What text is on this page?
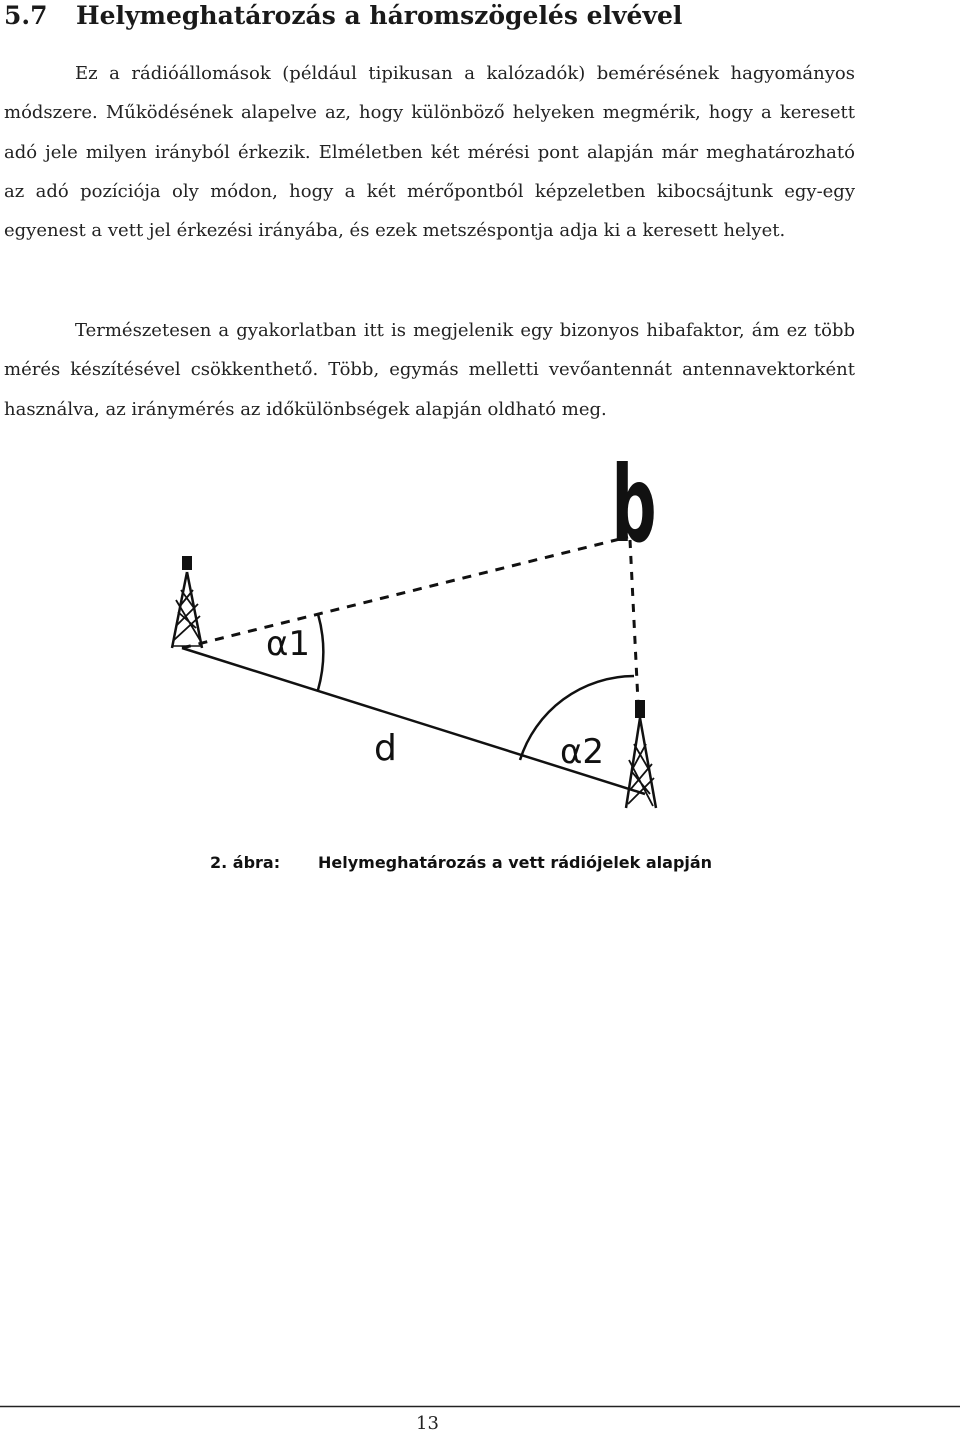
5.7 Helymeghatározás a háromszögelés elvével

Ez a rádióállomások (például tipikusan a kalózadók) bemérésének hagyományos módszere. Működésének alapelve az, hogy különböző helyeken megmérik, hogy a keresett adó jele milyen irányból érkezik. Elméletben két mérési pont alapján már meghatározható az adó pozíciója oly módon, hogy a két mérőpontból képzeletben kibocsájtunk egy-egy egyenest a vett jel érkezési irányába, és ezek metszéspontja adja ki a keresett helyet.

Természetesen a gyakorlatban itt is megjelenik egy bizonyos hibafaktor, ám ez több mérés készítésével csökkenthető. Több, egymás melletti vevőantennát antennavektorként használva, az iránymérés az időkülönbségek alapján oldható meg.

b
α1
α2
d
2. ábra: Helymeghatározás a vett rádiójelek alapján
13
